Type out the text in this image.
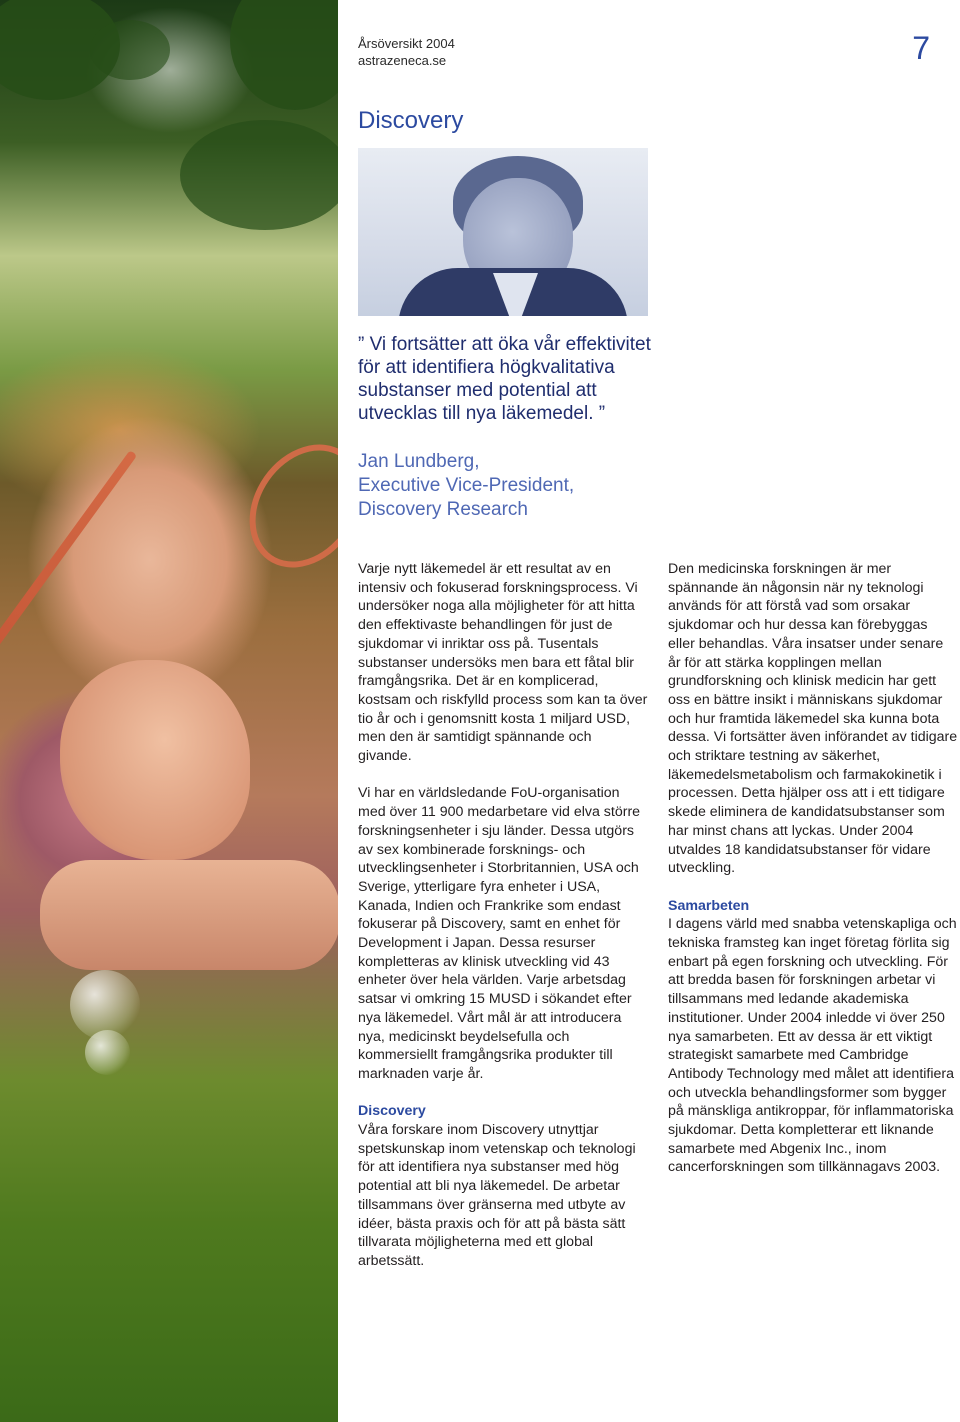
Årsöversikt 2004
astrazeneca.se	7
Discovery

” Vi fortsätter att öka vår effektivitet för att identifiera högkvalitativa substanser med potential att utvecklas till nya läkemedel. ”

Jan Lundberg,
Executive Vice-President,
Discovery Research

Varje nytt läkemedel är ett resultat av en intensiv och fokuserad forskningsprocess. Vi undersöker noga alla möjligheter för att hitta den effektivaste behandlingen för just de sjukdomar vi inriktar oss på. Tusentals substanser undersöks men bara ett fåtal blir framgångsrika. Det är en komplicerad, kostsam och riskfylld process som kan ta över tio år och i genomsnitt kosta 1 miljard USD, men den är samtidigt spännande och givande.

Vi har en världsledande FoU-organisation med över 11 900 medarbetare vid elva större forskningsenheter i sju länder. Dessa utgörs av sex kombinerade forsknings- och utvecklingsenheter i Storbritannien, USA och Sverige, ytterligare fyra enheter i USA, Kanada, Indien och Frankrike som endast fokuserar på Discovery, samt en enhet för Development i Japan. Dessa resurser kompletteras av klinisk utveckling vid 43 enheter över hela världen. Varje arbetsdag satsar vi omkring 15 MUSD i sökandet efter nya läkemedel. Vårt mål är att introducera nya, medicinskt beydelsefulla och kommersiellt framgångsrika produkter till marknaden varje år.

Discovery

Våra forskare inom Discovery utnyttjar spetskunskap inom vetenskap och teknologi för att identifiera nya substanser med hög potential att bli nya läkemedel. De arbetar tillsammans över gränserna med utbyte av idéer, bästa praxis och för att på bästa sätt tillvarata möjligheterna med ett global arbetssätt.

Den medicinska forskningen är mer spännande än någonsin när ny teknologi används för att förstå vad som orsakar sjukdomar och hur dessa kan förebyggas eller behandlas. Våra insatser under senare år för att stärka kopplingen mellan grundforskning och klinisk medicin har gett oss en bättre insikt i människans sjukdomar och hur framtida läkemedel ska kunna bota dessa. Vi fortsätter även införandet av tidigare och striktare testning av säkerhet, läkemedelsmetabolism och farmakokinetik i processen. Detta hjälper oss att i ett tidigare skede eliminera de kandidatsubstanser som har minst chans att lyckas. Under 2004 utvaldes 18 kandidatsubstanser för vidare utveckling.

Samarbeten

I dagens värld med snabba vetenskapliga och tekniska framsteg kan inget företag förlita sig enbart på egen forskning och utveckling. För att bredda basen för forskningen arbetar vi tillsammans med ledande akademiska institutioner. Under 2004 inledde vi över 250 nya samarbeten. Ett av dessa är ett viktigt strategiskt samarbete med Cambridge Antibody Technology med målet att identifiera och utveckla behandlingsformer som bygger på mänskliga antikroppar, för inflammatoriska sjukdomar. Detta kompletterar ett liknande samarbete med Abgenix Inc., inom cancerforskningen som tillkännagavs 2003.
